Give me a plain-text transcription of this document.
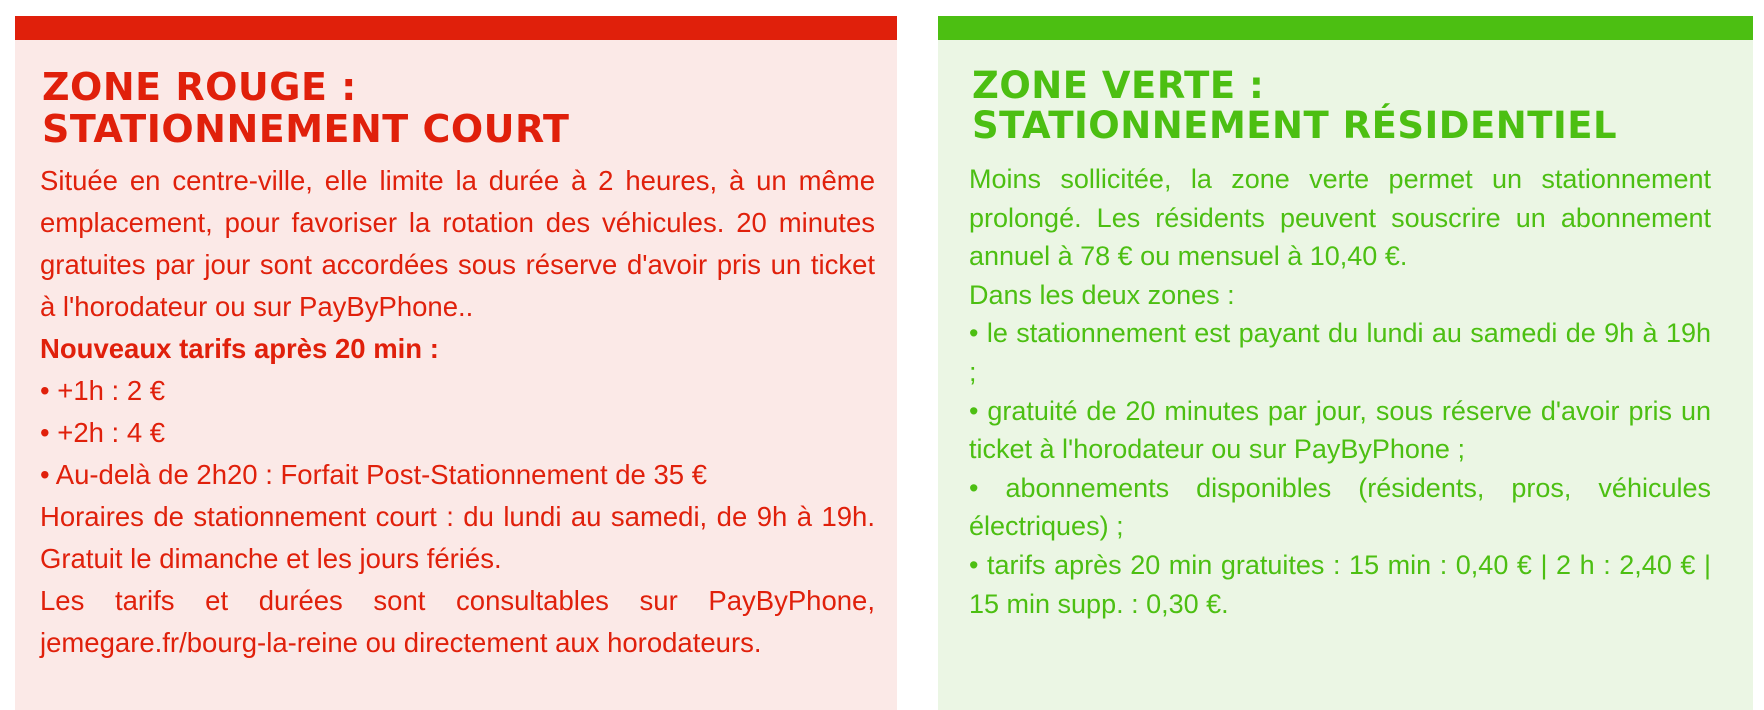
ZONE ROUGE :
STATIONNEMENT COURT

Située en centre-ville, elle limite la durée à 2 heures, à un même emplacement, pour favoriser la rotation des véhicules. 20 minutes gratuites par jour sont accordées sous réserve d'avoir pris un ticket à l'horodateur ou sur PayByPhone..

Nouveaux tarifs après 20 min :

• +1h : 2 €

• +2h : 4 €

• Au-delà de 2h20 : Forfait Post-Stationnement de 35 €

Horaires de stationnement court : du lundi au samedi, de 9h à 19h. Gratuit le dimanche et les jours fériés.

Les tarifs et durées sont consultables sur PayByPhone, jemegare.fr/bourg-la-reine ou directement aux horodateurs.

ZONE VERTE :
STATIONNEMENT RÉSIDENTIEL

Moins sollicitée, la zone verte permet un stationnement prolongé. Les résidents peuvent souscrire un abonnement annuel à 78 € ou mensuel à 10,40 €.

Dans les deux zones :

• le stationnement est payant du lundi au samedi de 9h à 19h ;

• gratuité de 20 minutes par jour, sous réserve d'avoir pris un ticket à l'horodateur ou sur PayByPhone ;

• abonnements disponibles (résidents, pros, véhicules électriques) ;

• tarifs après 20 min gratuites : 15 min : 0,40 € | 2 h : 2,40 € | 15 min supp. : 0,30 €.
